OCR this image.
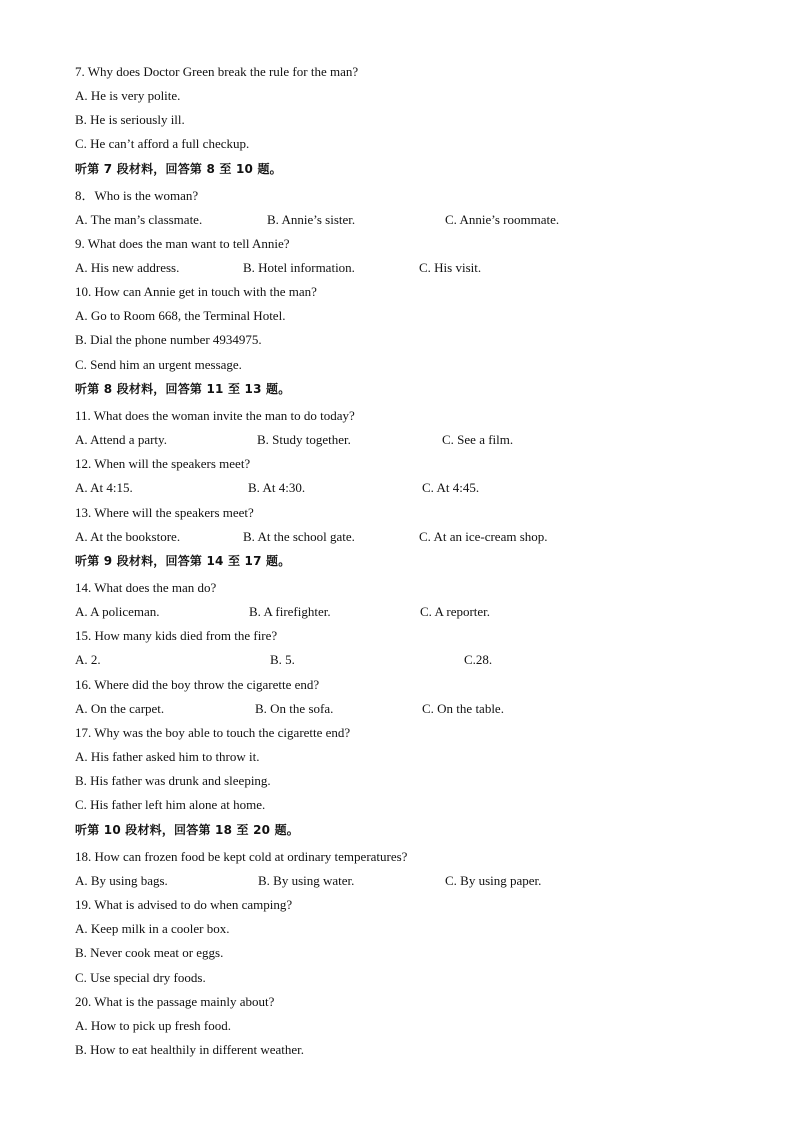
7. Why does Doctor Green break the rule for the man?
A. He is very polite.
B. He is seriously ill.
C. He can’t afford a full checkup.
听第 7 段材料，回答第 8 至 10 题。
8．Who is the woman?
A. The man’s classmate.	B. Annie’s sister.	C. Annie’s roommate.
9. What does the man want to tell Annie?
A. His new address.	B. Hotel information.	C. His visit.
10. How can Annie get in touch with the man?
A. Go to Room 668, the Terminal Hotel.
B. Dial the phone number 4934975.
C. Send him an urgent message.
听第 8 段材料，回答第 11 至 13 题。
11. What does the woman invite the man to do today?
A. Attend a party.	B. Study together.	C. See a film.
12. When will the speakers meet?
A. At 4:15.	B. At 4:30.	C. At 4:45.
13. Where will the speakers meet?
A. At the bookstore.	B. At the school gate.	C. At an ice-cream shop.
听第 9 段材料，回答第 14 至 17 题。
14. What does the man do?
A. A policeman.	B. A firefighter.	C. A reporter.
15. How many kids died from the fire?
A. 2.	B. 5.	C.28.
16. Where did the boy throw the cigarette end?
A. On the carpet.	B. On the sofa.	C. On the table.
17. Why was the boy able to touch the cigarette end?
A. His father asked him to throw it.
B. His father was drunk and sleeping.
C. His father left him alone at home.
听第 10 段材料，回答第 18 至 20 题。
18. How can frozen food be kept cold at ordinary temperatures?
A. By using bags.	B. By using water.	C. By using paper.
19. What is advised to do when camping?
A. Keep milk in a cooler box.
B. Never cook meat or eggs.
C. Use special dry foods.
20. What is the passage mainly about?
A. How to pick up fresh food.
B. How to eat healthily in different weather.
